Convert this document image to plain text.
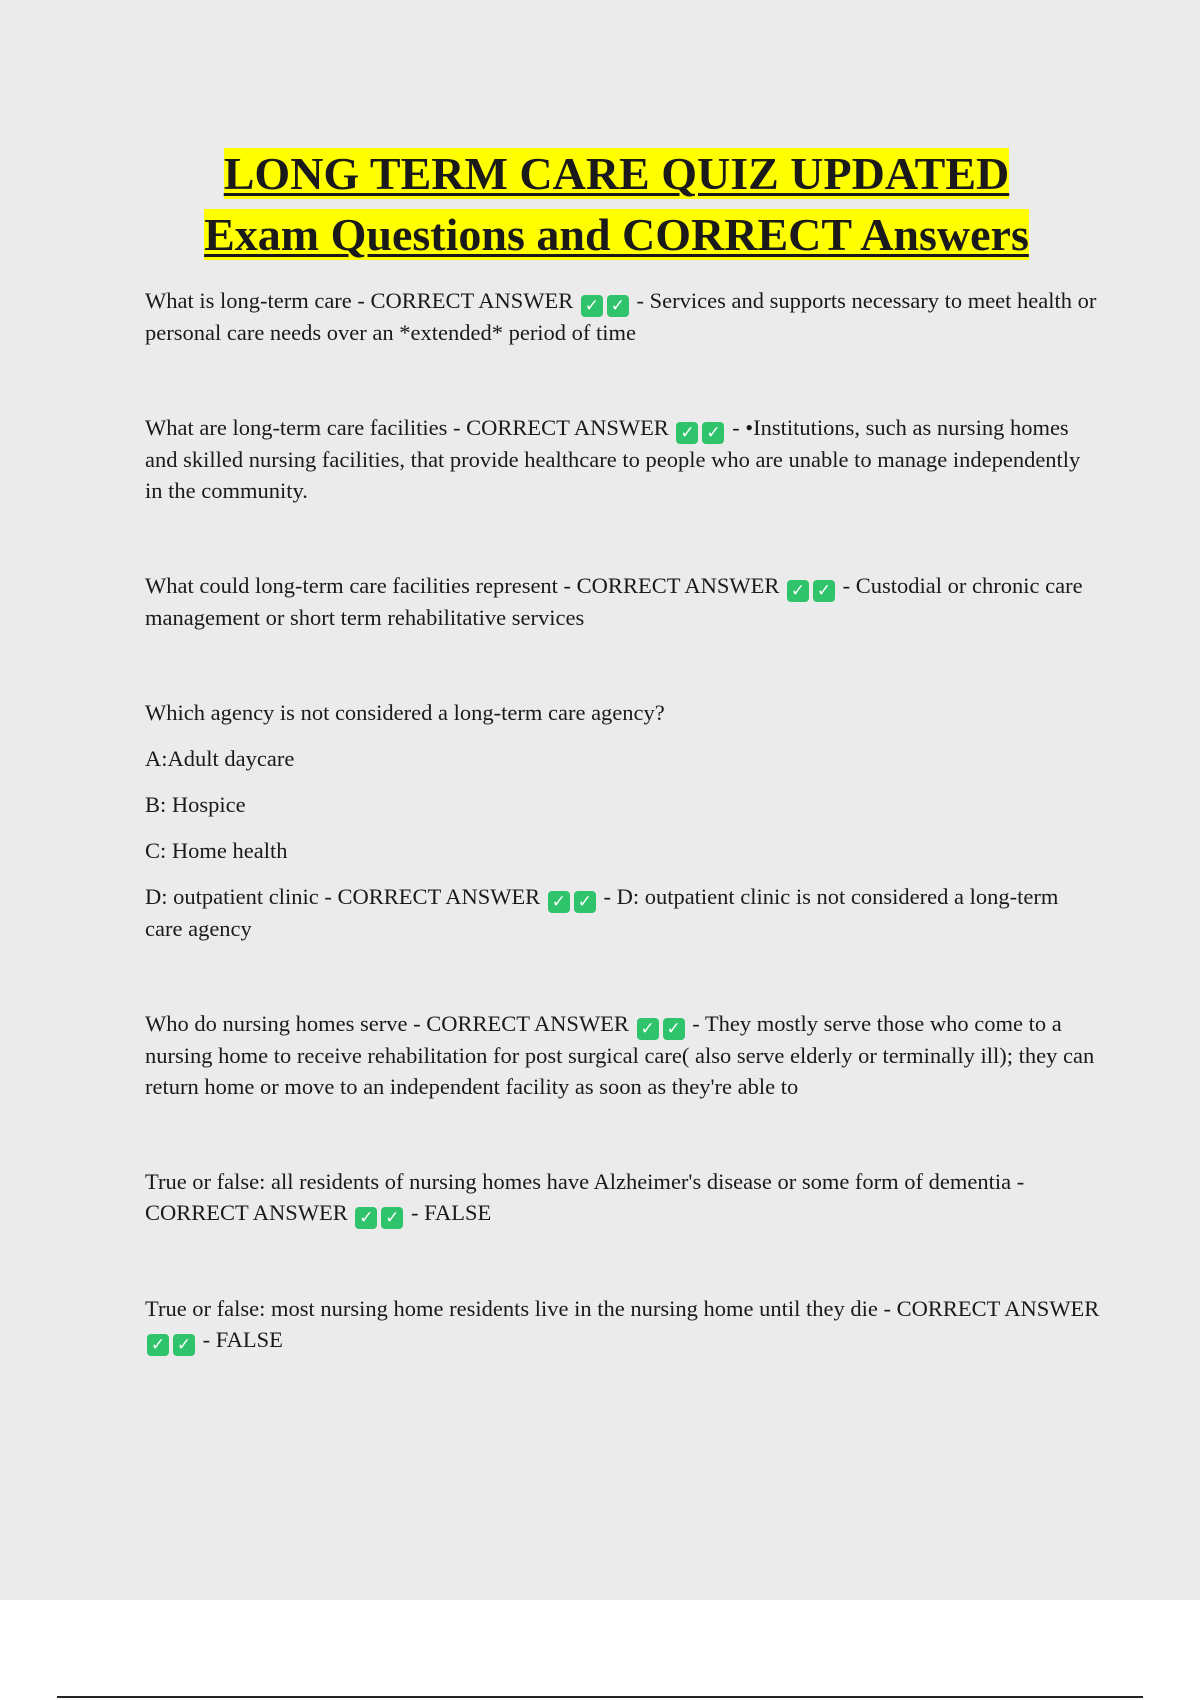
LONG TERM CARE QUIZ UPDATED
Exam Questions and CORRECT Answers

What is long-term care - CORRECT ANSWER ✓ ✓ - Services and supports necessary to meet health or personal care needs over an *extended* period of time

What are long-term care facilities - CORRECT ANSWER ✓ ✓ - •Institutions, such as nursing homes and skilled nursing facilities, that provide healthcare to people who are unable to manage independently in the community.

What could long-term care facilities represent - CORRECT ANSWER ✓ ✓ - Custodial or chronic care management or short term rehabilitative services

Which agency is not considered a long-term care agency?

A:Adult daycare

B: Hospice

C: Home health

D: outpatient clinic - CORRECT ANSWER ✓ ✓ - D: outpatient clinic is not considered a long-term care agency

Who do nursing homes serve - CORRECT ANSWER ✓ ✓ - They mostly serve those who come to a nursing home to receive rehabilitation for post surgical care( also serve elderly or terminally ill); they can return home or move to an independent facility as soon as they're able to

True or false: all residents of nursing homes have Alzheimer's disease or some form of dementia - CORRECT ANSWER ✓ ✓ - FALSE

True or false: most nursing home residents live in the nursing home until they die - CORRECT ANSWER ✓ ✓ - FALSE
